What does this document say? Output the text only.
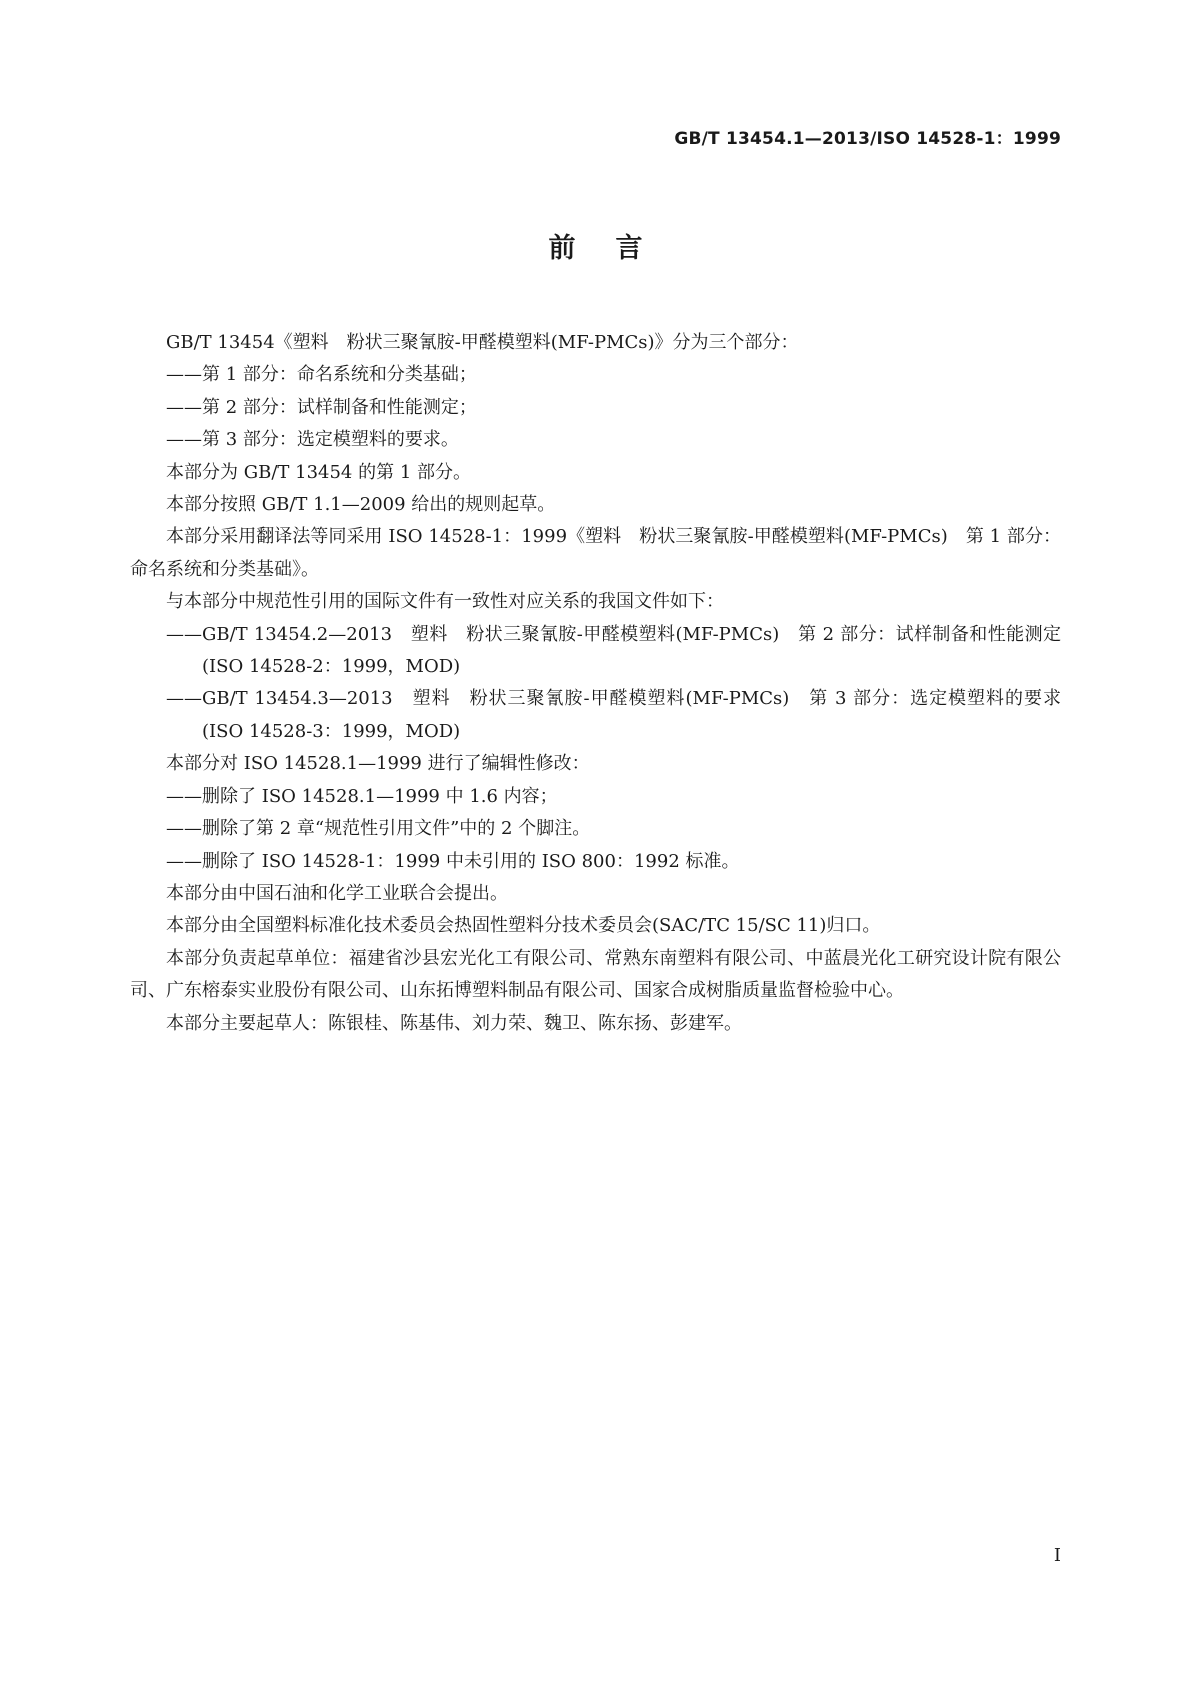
GB/T 13454.1—2013/ISO 14528-1：1999
前言

GB/T 13454《塑料　粉状三聚氰胺-甲醛模塑料(MF-PMCs)》分为三个部分：

——第 1 部分：命名系统和分类基础；

——第 2 部分：试样制备和性能测定；

——第 3 部分：选定模塑料的要求。

本部分为 GB/T 13454 的第 1 部分。

本部分按照 GB/T 1.1—2009 给出的规则起草。

本部分采用翻译法等同采用 ISO 14528-1：1999《塑料　粉状三聚氰胺-甲醛模塑料(MF-PMCs)　第 1 部分：命名系统和分类基础》。

与本部分中规范性引用的国际文件有一致性对应关系的我国文件如下：

——GB/T 13454.2—2013　塑料　粉状三聚氰胺-甲醛模塑料(MF-PMCs)　第 2 部分：试样制备和性能测定(ISO 14528-2：1999，MOD)

——GB/T 13454.3—2013　塑料　粉状三聚氰胺-甲醛模塑料(MF-PMCs)　第 3 部分：选定模塑料的要求(ISO 14528-3：1999，MOD)

本部分对 ISO 14528.1—1999 进行了编辑性修改：

——删除了 ISO 14528.1—1999 中 1.6 内容；

——删除了第 2 章“规范性引用文件”中的 2 个脚注。

——删除了 ISO 14528-1：1999 中未引用的 ISO 800：1992 标准。

本部分由中国石油和化学工业联合会提出。

本部分由全国塑料标准化技术委员会热固性塑料分技术委员会(SAC/TC 15/SC 11)归口。

本部分负责起草单位：福建省沙县宏光化工有限公司、常熟东南塑料有限公司、中蓝晨光化工研究设计院有限公司、广东榕泰实业股份有限公司、山东拓博塑料制品有限公司、国家合成树脂质量监督检验中心。

本部分主要起草人：陈银桂、陈基伟、刘力荣、魏卫、陈东扬、彭建军。

I
